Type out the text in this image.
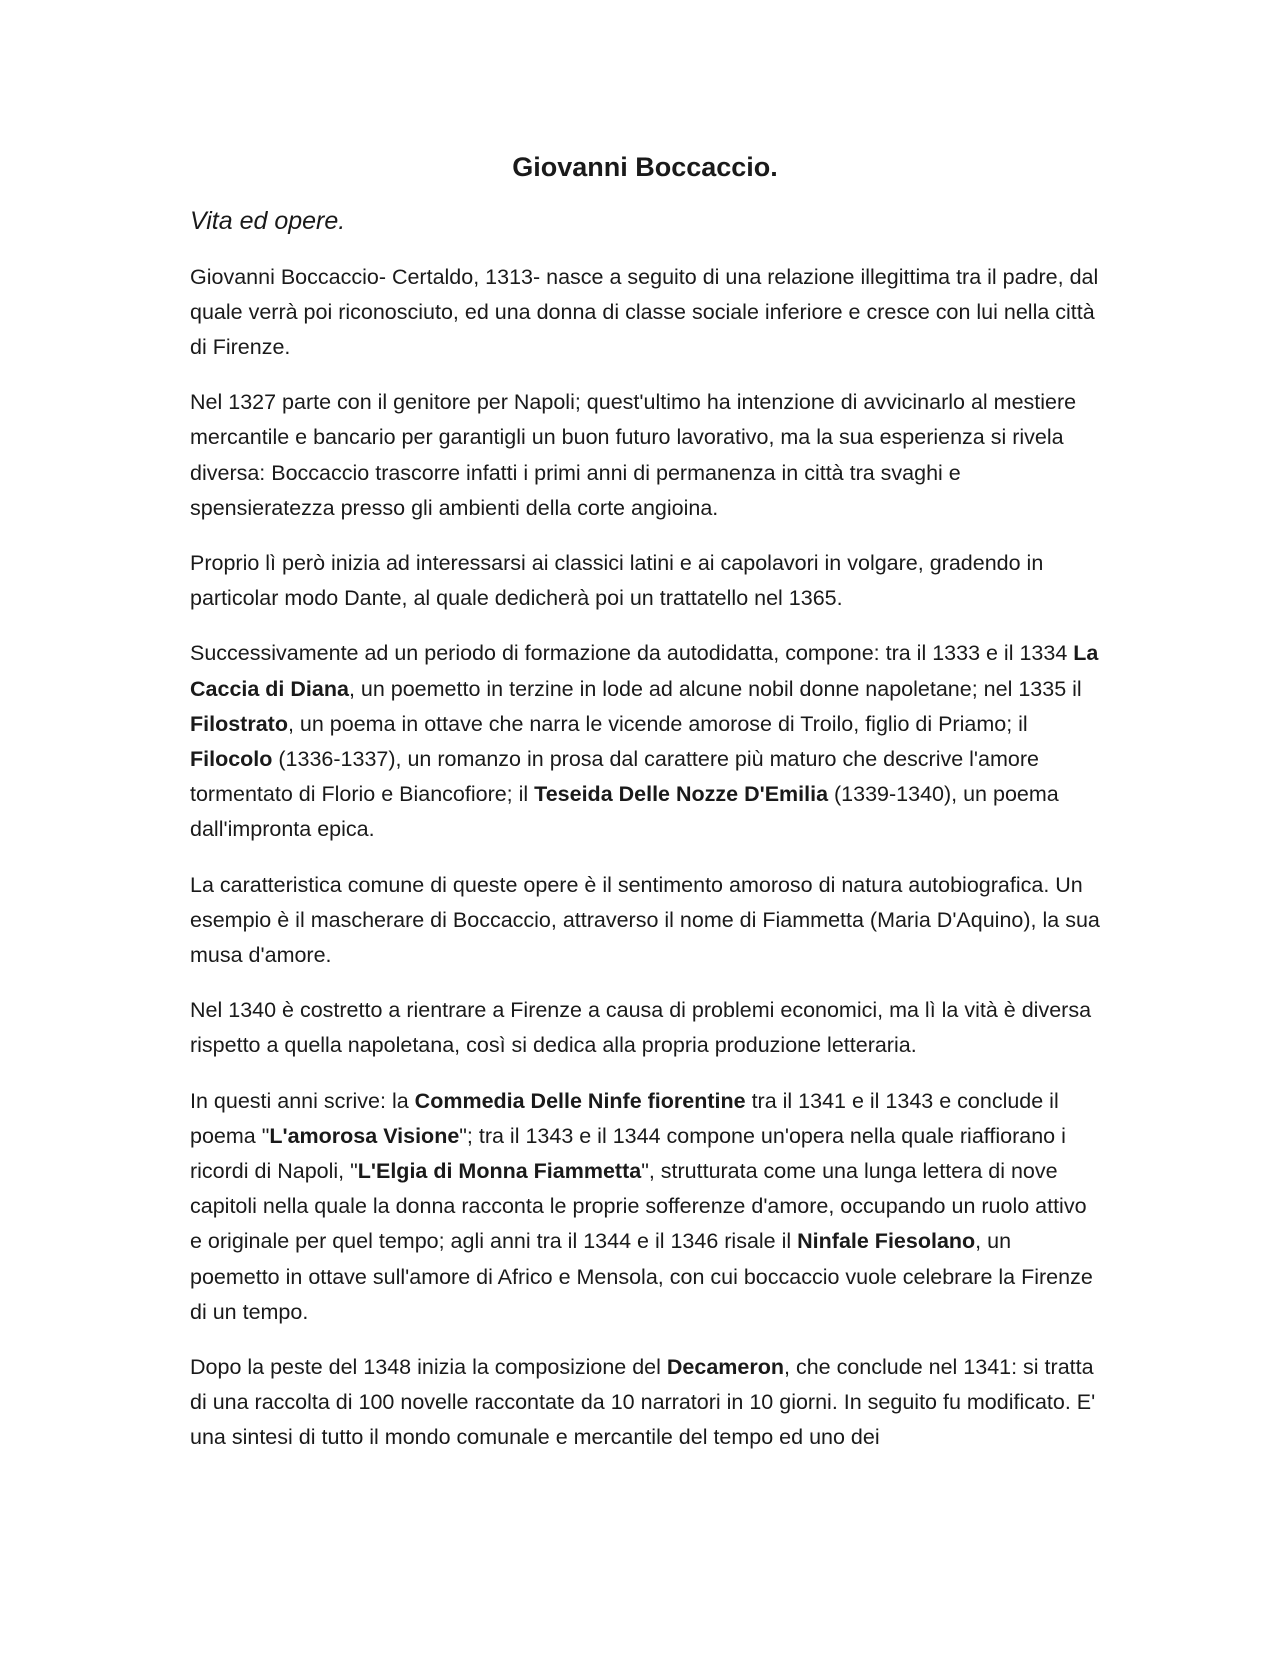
Giovanni Boccaccio.
Vita ed opere.

Giovanni Boccaccio- Certaldo, 1313- nasce a seguito di una relazione illegittima tra il padre, dal quale verrà poi riconosciuto, ed una donna di classe sociale inferiore e cresce con lui nella città di Firenze.

Nel 1327 parte con il genitore per Napoli; quest'ultimo ha intenzione di avvicinarlo al mestiere mercantile e bancario per garantigli un buon futuro lavorativo, ma la sua esperienza si rivela diversa: Boccaccio trascorre infatti i primi anni di permanenza in città tra svaghi e spensieratezza presso gli ambienti della corte angioina.

Proprio lì però inizia ad interessarsi ai classici latini e ai capolavori in volgare, gradendo in particolar modo Dante, al quale dedicherà poi un trattatello nel 1365.

Successivamente ad un periodo di formazione da autodidatta, compone: tra il 1333 e il 1334 La Caccia di Diana, un poemetto in terzine in lode ad alcune nobil donne napoletane; nel 1335 il Filostrato, un poema in ottave che narra le vicende amorose di Troilo, figlio di Priamo; il Filocolo (1336-1337), un romanzo in prosa dal carattere più maturo che descrive l'amore tormentato di Florio e Biancofiore; il Teseida Delle Nozze D'Emilia (1339-1340), un poema dall'impronta epica.

La caratteristica comune di queste opere è il sentimento amoroso di natura autobiografica. Un esempio è il mascherare di Boccaccio, attraverso il nome di Fiammetta (Maria D'Aquino), la sua musa d'amore.

Nel 1340 è costretto a rientrare a Firenze a causa di problemi economici, ma lì la vità è diversa rispetto a quella napoletana, così si dedica alla propria produzione letteraria.

In questi anni scrive: la Commedia Delle Ninfe fiorentine tra il 1341 e il 1343 e conclude il poema "L'amorosa Visione"; tra il 1343 e il 1344 compone un'opera nella quale riaffiorano i ricordi di Napoli, "L'Elgia di Monna Fiammetta", strutturata come una lunga lettera di nove capitoli nella quale la donna racconta le proprie sofferenze d'amore, occupando un ruolo attivo e originale per quel tempo; agli anni tra il 1344 e il 1346 risale il Ninfale Fiesolano, un poemetto in ottave sull'amore di Africo e Mensola, con cui boccaccio vuole celebrare la Firenze di un tempo.

Dopo la peste del 1348 inizia la composizione del Decameron, che conclude nel 1341: si tratta di una raccolta di 100 novelle raccontate da 10 narratori in 10 giorni. In seguito fu modificato. E' una sintesi di tutto il mondo comunale e mercantile del tempo ed uno dei
